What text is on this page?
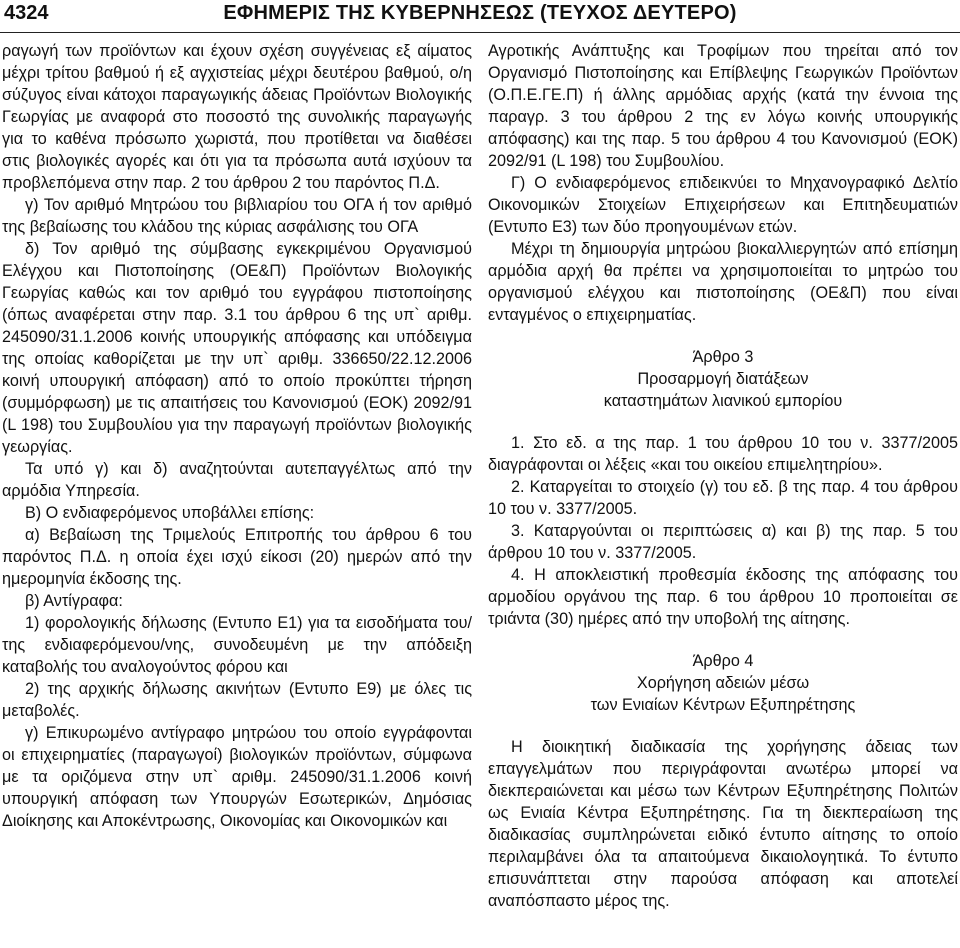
4324	ΕΦΗΜΕΡΙΣ ΤΗΣ ΚΥΒΕΡΝΗΣΕΩΣ (ΤΕΥΧΟΣ ΔΕΥΤΕΡΟ)

ραγωγή των προϊόντων και έχουν σχέση συγγένειας εξ αίματος μέχρι τρίτου βαθμού ή εξ αγχιστείας μέχρι δευτέρου βαθμού, ο/η σύζυγος είναι κάτοχοι παραγωγικής άδειας Προϊόντων Βιολογικής Γεωργίας με αναφορά στο ποσοστό της συνολικής παραγωγής για το καθένα πρόσωπο χωριστά, που προτίθεται να διαθέσει στις βιολογικές αγορές και ότι για τα πρόσωπα αυτά ισχύουν τα προβλεπόμενα στην παρ. 2 του άρθρου 2 του παρόντος Π.Δ.

γ) Τον αριθμό Μητρώου του βιβλιαρίου του ΟΓΑ ή τον αριθμό της βεβαίωσης του κλάδου της κύριας ασφάλισης του ΟΓΑ

δ) Τον αριθμό της σύμβασης εγκεκριμένου Οργανισμού Ελέγχου και Πιστοποίησης (ΟΕ&Π) Προϊόντων Βιολογικής Γεωργίας καθώς και τον αριθμό του εγγράφου πιστοποίησης (όπως αναφέρεται στην παρ. 3.1 του άρθρου 6 της υπ` αριθμ. 245090/31.1.2006 κοινής υπουργικής απόφασης και υπόδειγμα της οποίας καθορίζεται με την υπ` αριθμ. 336650/22.12.2006 κοινή υπουργική απόφαση) από το οποίο προκύπτει τήρηση (συμμόρφωση) με τις απαιτήσεις του Κανονισμού (ΕΟΚ) 2092/91 (L 198) του Συμβουλίου για την παραγωγή προϊόντων βιολογικής γεωργίας.

Τα υπό γ) και δ) αναζητούνται αυτεπαγγέλτως από την αρμόδια Υπηρεσία.

Β) Ο ενδιαφερόμενος υποβάλλει επίσης:

α) Βεβαίωση της Τριμελούς Επιτροπής του άρθρου 6 του παρόντος Π.Δ. η οποία έχει ισχύ είκοσι (20) ημερών από την ημερομηνία έκδοσης της.

β) Αντίγραφα:

1) φορολογικής δήλωσης (Εντυπο Ε1) για τα εισοδήματα του/της ενδιαφερόμενου/νης, συνοδευμένη με την απόδειξη καταβολής του αναλογούντος φόρου και

2) της αρχικής δήλωσης ακινήτων (Εντυπο Ε9) με όλες τις μεταβολές.

γ) Επικυρωμένο αντίγραφο μητρώου του οποίο εγγράφονται οι επιχειρηματίες (παραγωγοί) βιολογικών προϊόντων, σύμφωνα με τα οριζόμενα στην υπ` αριθμ. 245090/31.1.2006 κοινή υπουργική απόφαση των Υπουργών Εσωτερικών, Δημόσιας Διοίκησης και Αποκέντρωσης, Οικονομίας και Οικονομικών και

Αγροτικής Ανάπτυξης και Τροφίμων που τηρείται από τον Οργανισμό Πιστοποίησης και Επίβλεψης Γεωργικών Προϊόντων (Ο.Π.Ε.ΓΕ.Π) ή άλλης αρμόδιας αρχής (κατά την έννοια της παραγρ. 3 του άρθρου 2 της εν λόγω κοινής υπουργικής απόφασης) και της παρ. 5 του άρθρου 4 του Κανονισμού (ΕΟΚ) 2092/91 (L 198) του Συμβουλίου.

Γ) Ο ενδιαφερόμενος επιδεικνύει το Μηχανογραφικό Δελτίο Οικονομικών Στοιχείων Επιχειρήσεων και Επιτηδευματιών (Εντυπο Ε3) των δύο προηγουμένων ετών.

Μέχρι τη δημιουργία μητρώου βιοκαλλιεργητών από επίσημη αρμόδια αρχή θα πρέπει να χρησιμοποιείται το μητρώο του οργανισμού ελέγχου και πιστοποίησης (ΟΕ&Π) που είναι ενταγμένος ο επιχειρηματίας.

Άρθρο 3

Προσαρμογή διατάξεων

καταστημάτων λιανικού εμπορίου

1. Στο εδ. α της παρ. 1 του άρθρου 10 του ν. 3377/2005 διαγράφονται οι λέξεις «και του οικείου επιμελητηρίου».

2. Καταργείται το στοιχείο (γ) του εδ. β της παρ. 4 του άρθρου 10 του ν. 3377/2005.

3. Καταργούνται οι περιπτώσεις α) και β) της παρ. 5 του άρθρου 10 του ν. 3377/2005.

4. Η αποκλειστική προθεσμία έκδοσης της απόφασης του αρμοδίου οργάνου της παρ. 6 του άρθρου 10 προποιείται σε τριάντα (30) ημέρες από την υποβολή της αίτησης.

Άρθρο 4

Χορήγηση αδειών μέσω

των Ενιαίων Κέντρων Εξυπηρέτησης

Η διοικητική διαδικασία της χορήγησης άδειας των επαγγελμάτων που περιγράφονται ανωτέρω μπορεί να διεκπεραιώνεται και μέσω των Κέντρων Εξυπηρέτησης Πολιτών ως Ενιαία Κέντρα Εξυπηρέτησης. Για τη διεκπεραίωση της διαδικασίας συμπληρώνεται ειδικό έντυπο αίτησης το οποίο περιλαμβάνει όλα τα απαιτούμενα δικαιολογητικά. Το έντυπο επισυνάπτεται στην παρούσα απόφαση και αποτελεί αναπόσπαστο μέρος της.
